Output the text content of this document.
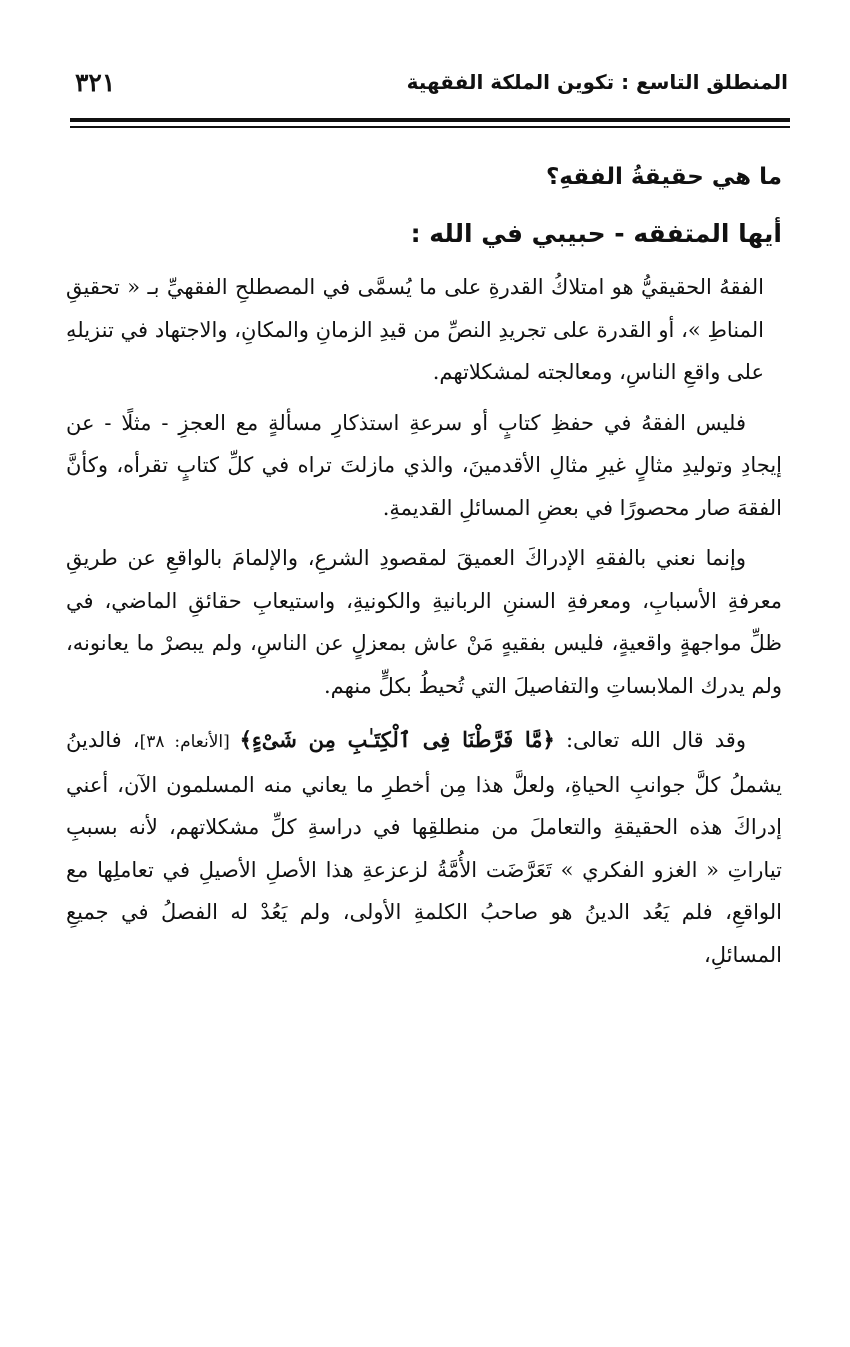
المنطلق التاسع : تكوين الملكة الفقهية
٣٢١
ما هي حقيقةُ الفقهِ؟
أيها المتفقه - حبيبي في الله :

الفقهُ الحقيقيُّ هو امتلاكُ القدرةِ على ما يُسمَّى في المصطلحِ الفقهيِّ بـ « تحقيقِ المناطِ »، أو القدرة على تجريدِ النصِّ من قيدِ الزمانِ والمكانِ، والاجتهاد في تنزيلهِ على واقعِ الناسِ، ومعالجته لمشكلاتهم.

فليس الفقهُ في حفظِ كتابٍ أو سرعةِ استذكارِ مسألةٍ مع العجزِ - مثلًا - عن إيجادِ وتوليدِ مثالٍ غيرِ مثالِ الأقدمينَ، والذي مازلتَ تراه في كلِّ كتابٍ تقرأه، وكأنَّ الفقهَ صار محصورًا في بعضِ المسائلِ القديمةِ.

وإنما نعني بالفقهِ الإدراكَ العميقَ لمقصودِ الشرعِ، والإلمامَ بالواقعِ عن طريقِ معرفةِ الأسبابِ، ومعرفةِ السننِ الربانيةِ والكونيةِ، واستيعابِ حقائقِ الماضي، في ظلِّ مواجهةٍ واقعيةٍ، فليس بفقيهٍ مَنْ عاش بمعزلٍ عن الناسِ، ولم يبصرْ ما يعانونه، ولم يدرك الملابساتِ والتفاصيلَ التي تُحيطُ بكلٍّ منهم.

وقد قال الله تعالى: ﴿مَّا فَرَّطْنَا فِى ٱلْكِتَـٰبِ مِن شَىْءٍ﴾ [الأنعام: ٣٨]، فالدينُ يشملُ كلَّ جوانبِ الحياةِ، ولعلَّ هذا مِن أخطرِ ما يعاني منه المسلمون الآن، أعني إدراكَ هذه الحقيقةِ والتعاملَ من منطلقِها في دراسةِ كلِّ مشكلاتهم، لأنه بسببِ تياراتِ « الغزو الفكري » تَعَرَّضَت الأُمَّةُ لزعزعةِ هذا الأصلِ الأصيلِ في تعاملِها مع الواقعِ، فلم يَعُد الدينُ هو صاحبُ الكلمةِ الأولى، ولم يَعُدْ له الفصلُ في جميعِ المسائلِ،
